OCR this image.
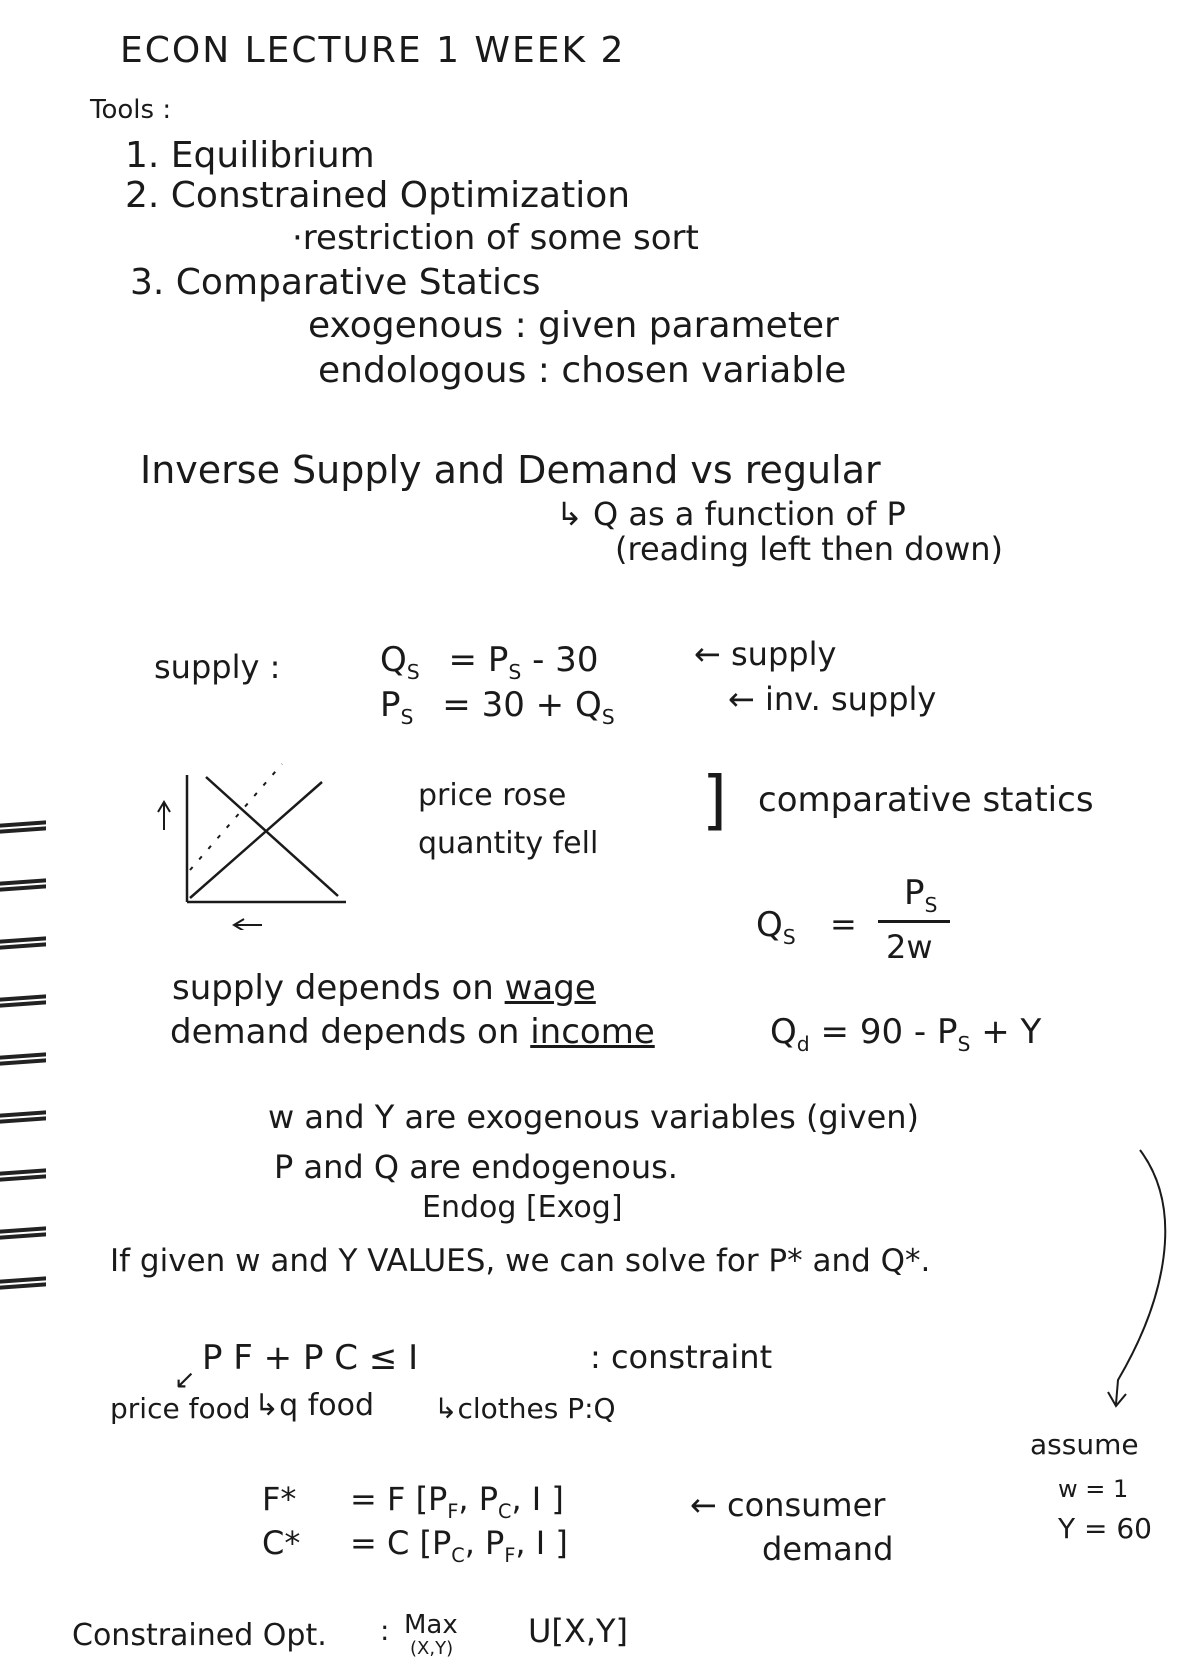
ECON LECTURE 1 WEEK 2
Tools :
1. Equilibrium
2. Constrained Optimization
·restriction of some sort
3. Comparative Statics
exogenous : given parameter
endologous : chosen variable
Inverse Supply and Demand vs regular
↳ Q as a function of P
(reading left then down)
supply :	$Q_S = P_S - 30$	← supply
$P_S = 30 + Q_S$	← inv. supply
price rose
quantity fell
] comparative statics
$Q_S$ =
$P_S$
2w
supply depends on wage
demand depends on income	$Q_d = 90 - P_S + Y$
w and Y are exogenous variables (given)
P and Q are endogenous.
Endog [Exog]
If given w and Y VALUES, we can solve for P* and Q*.
↙
P F + P C ≤ I	: constraint
price food ↳q food ↳clothes P:Q
assume
w = 1
Y = 60
F* = F [$P_F$, $P_C$, I ]
C* = C [$P_C$, $P_F$, I ]
← consumer
demand
Constrained Opt. : Max
(X,Y) U[X,Y]
